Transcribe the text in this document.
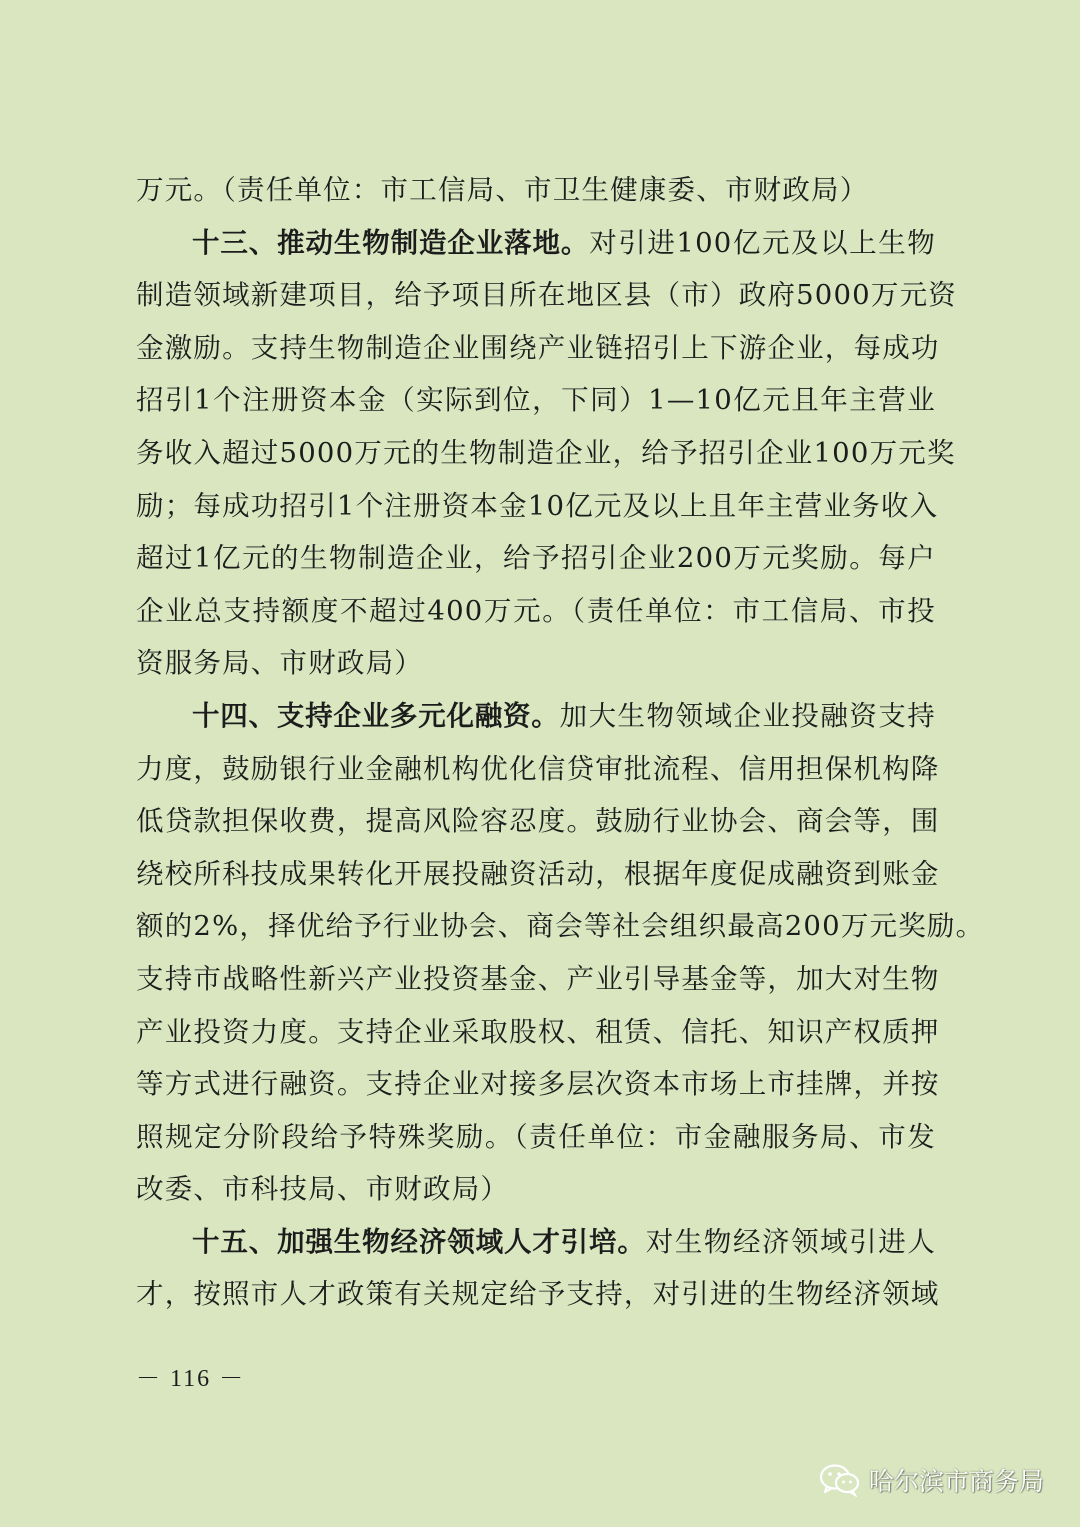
万元。（责任单位：市工信局、市卫生健康委、市财政局）
十三、推动生物制造企业落地。对引进100亿元及以上生物
制造领域新建项目，给予项目所在地区县（市）政府5000万元资
金激励。支持生物制造企业围绕产业链招引上下游企业，每成功
招引1个注册资本金（实际到位，下同）1—10亿元且年主营业
务收入超过5000万元的生物制造企业，给予招引企业100万元奖
励；每成功招引1个注册资本金10亿元及以上且年主营业务收入
超过1亿元的生物制造企业，给予招引企业200万元奖励。每户
企业总支持额度不超过400万元。（责任单位：市工信局、市投
资服务局、市财政局）
十四、支持企业多元化融资。加大生物领域企业投融资支持
力度，鼓励银行业金融机构优化信贷审批流程、信用担保机构降
低贷款担保收费，提高风险容忍度。鼓励行业协会、商会等，围
绕校所科技成果转化开展投融资活动，根据年度促成融资到账金
额的2%，择优给予行业协会、商会等社会组织最高200万元奖励。
支持市战略性新兴产业投资基金、产业引导基金等，加大对生物
产业投资力度。支持企业采取股权、租赁、信托、知识产权质押
等方式进行融资。支持企业对接多层次资本市场上市挂牌，并按
照规定分阶段给予特殊奖励。（责任单位：市金融服务局、市发
改委、市科技局、市财政局）
十五、加强生物经济领域人才引培。对生物经济领域引进人
才，按照市人才政策有关规定给予支持，对引进的生物经济领域
－ 116 －
哈尔滨市商务局
